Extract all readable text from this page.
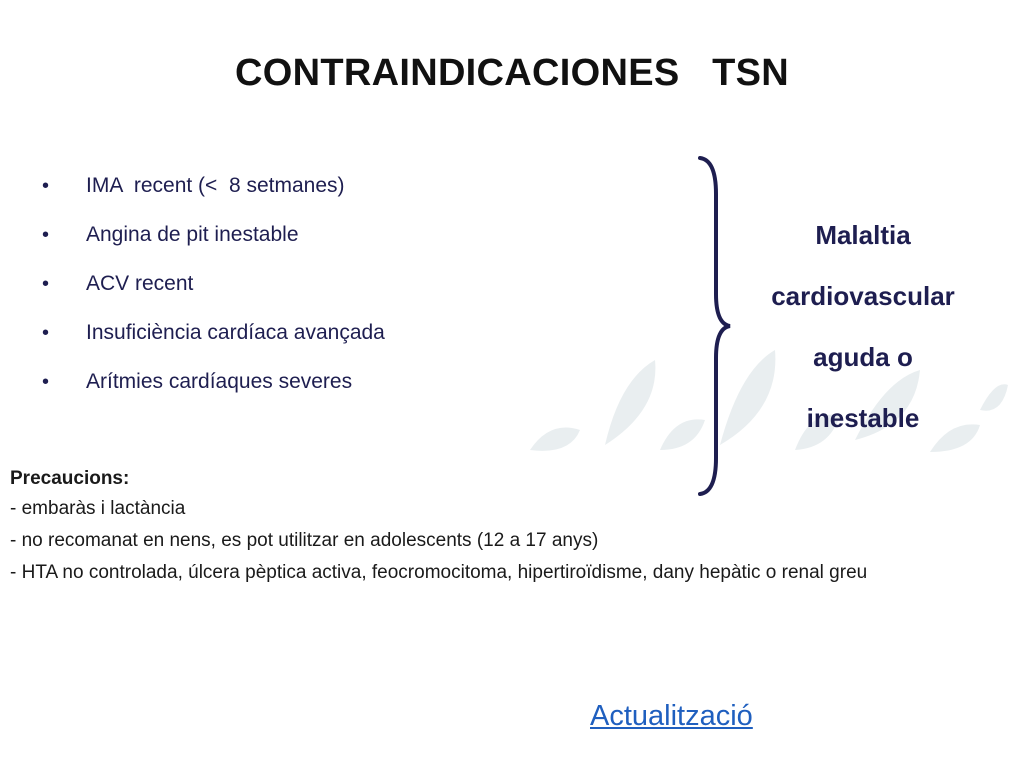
CONTRAINDICACIONES   TSN

•

	IMA  recent (<  8 setmanes)

•

	Angina de pit inestable

•

	ACV recent

•

	Insuficiència cardíaca avançada

•

	Arítmies cardíaques severes

Malaltia
cardiovascular
aguda o
inestable
Precaucions:
- embaràs i lactància
- no recomanat en nens, es pot utilitzar en adolescents (12 a 17 anys)
- HTA no controlada, úlcera pèptica activa, feocromocitoma, hipertiroïdisme, dany hepàtic o renal greu
Actualització
